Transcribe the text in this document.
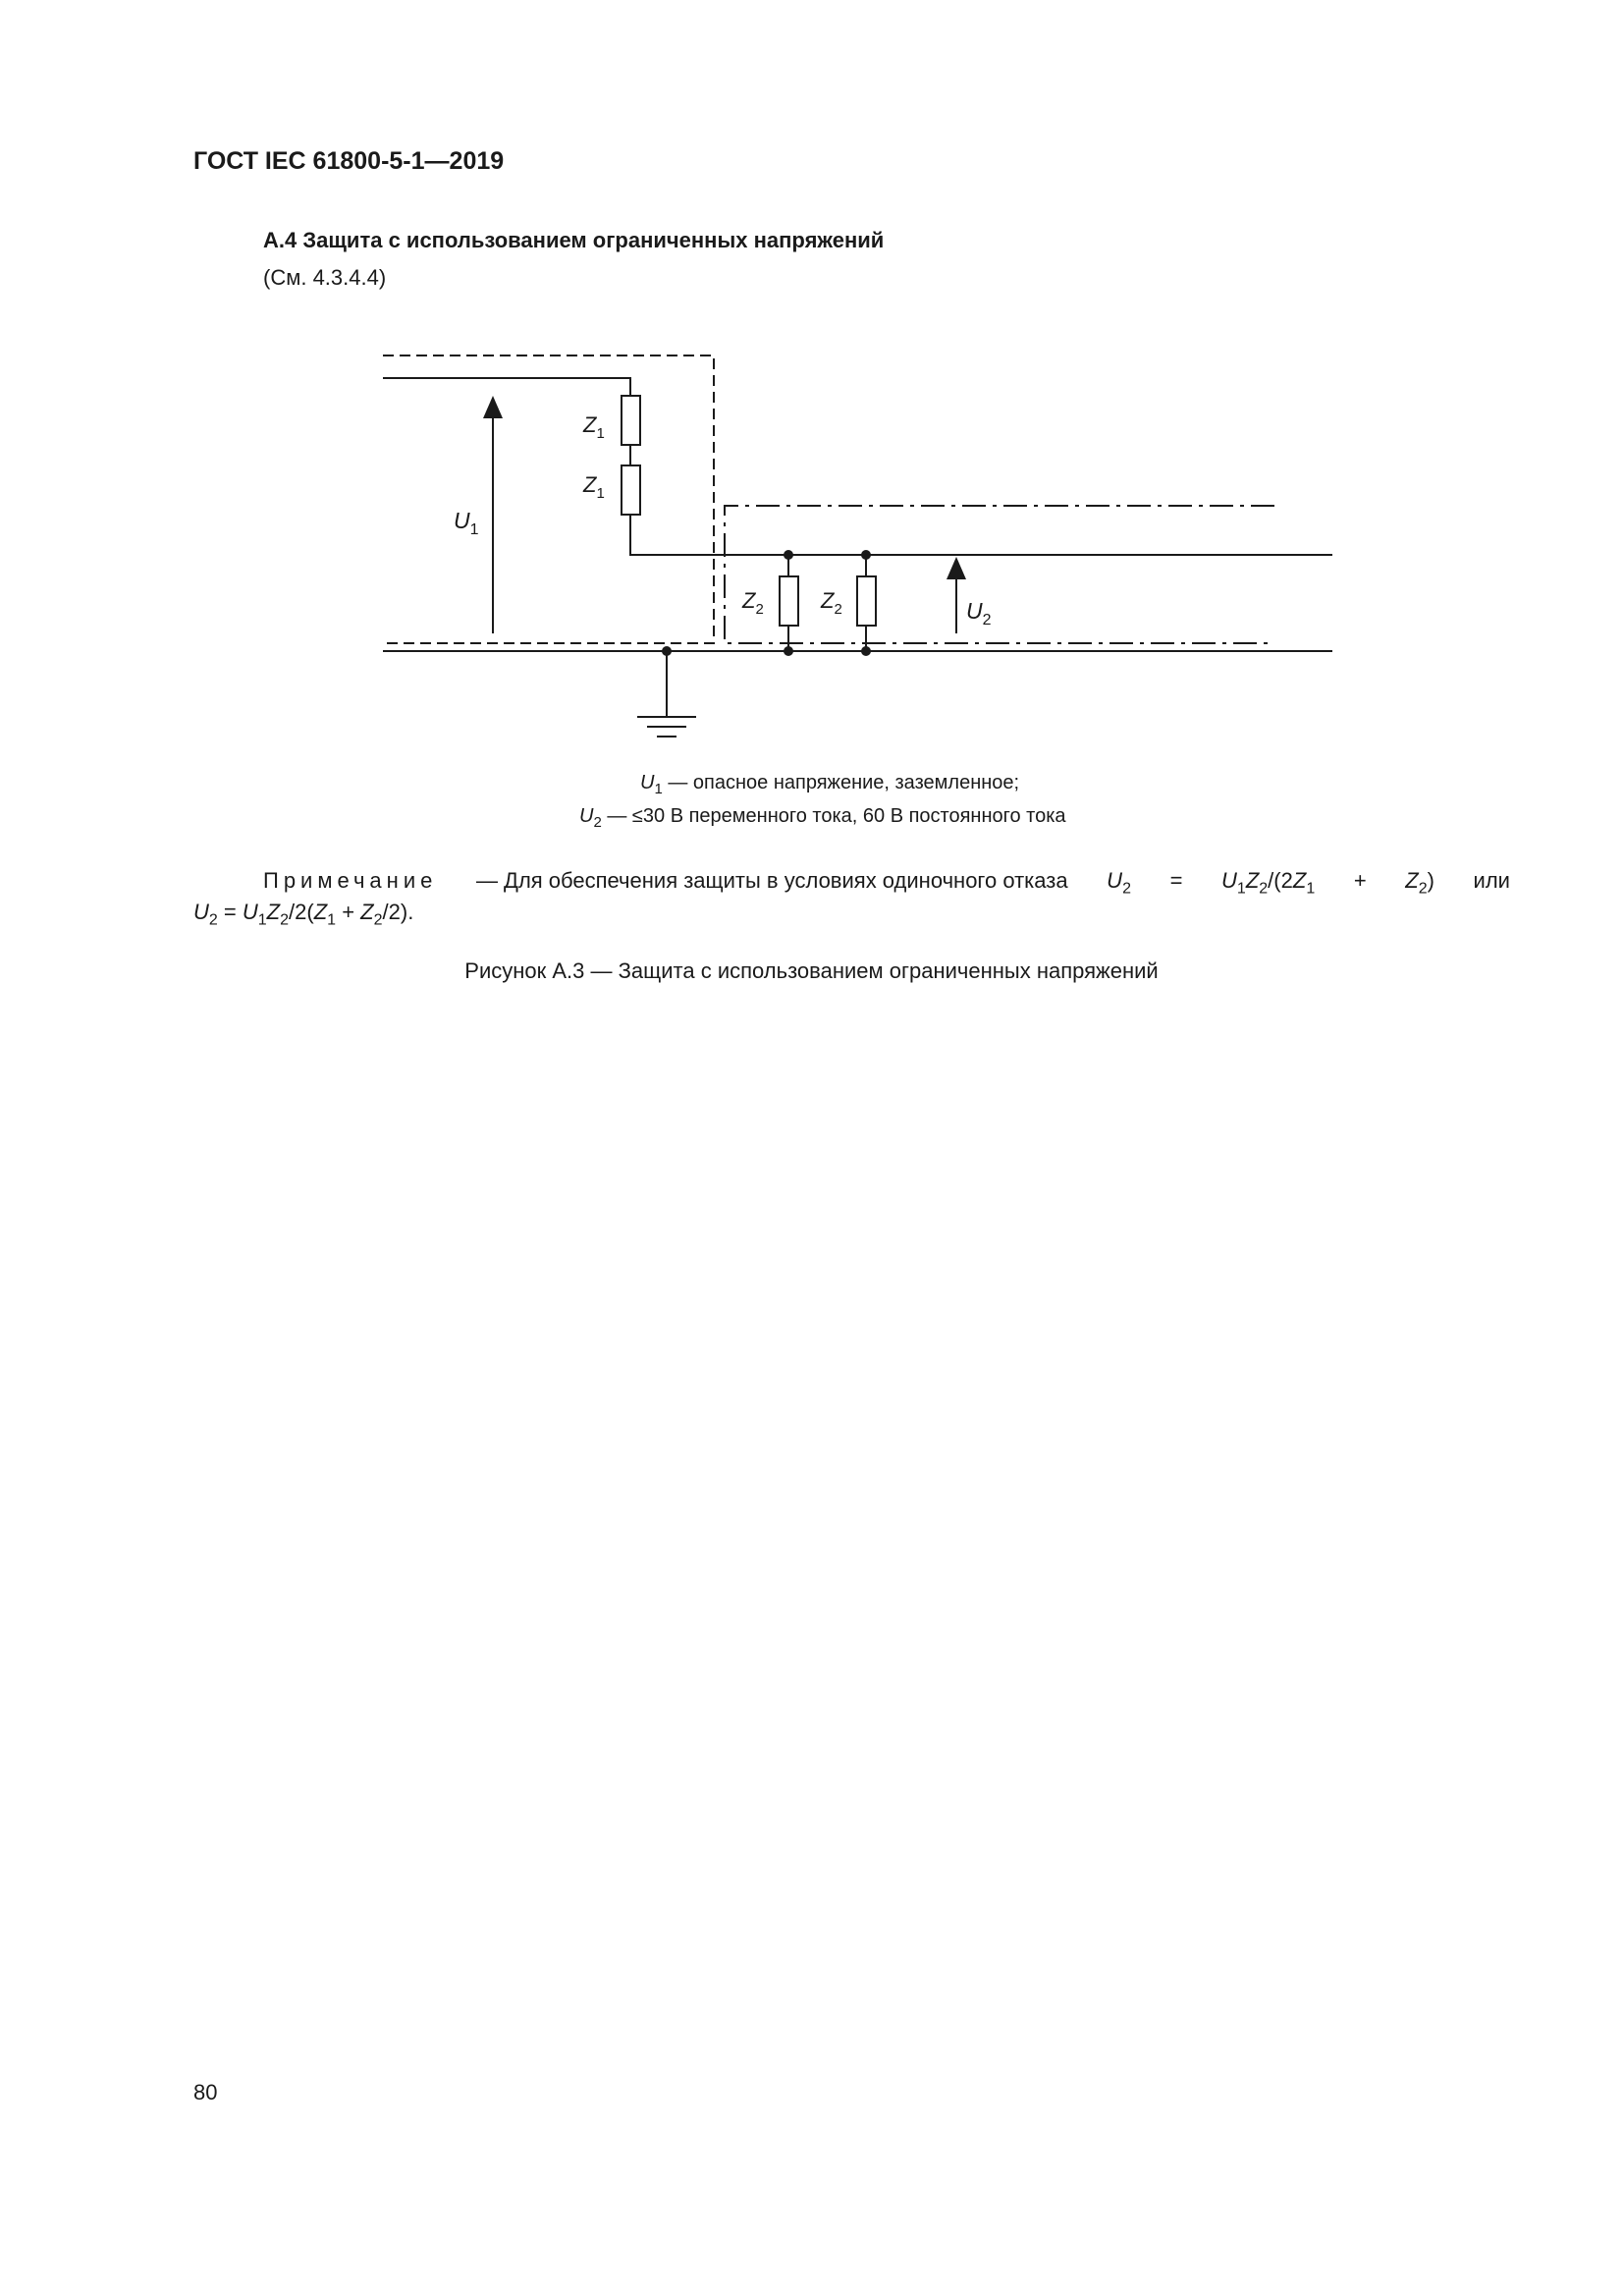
ГОСТ IEC 61800-5-1—2019
А.4 Защита с использованием ограниченных напряжений
(См. 4.3.4.4)
$Z_1$
$Z_1$
$U_1$
$Z_2$	$Z_2$	$U_2$
$U_1$ — опасное напряжение, заземленное;
$U_2$ — ≤30 В переменного тока, 60 В постоянного тока
Примечание — Для обеспечения защиты в условиях одиночного отказа $U_2 = U_1Z_2/(2Z_1 + Z_2)$ или
$U_2 = U_1Z_2/2(Z_1 + Z_2/2)$.
Рисунок А.3 — Защита с использованием ограниченных напряжений
80
